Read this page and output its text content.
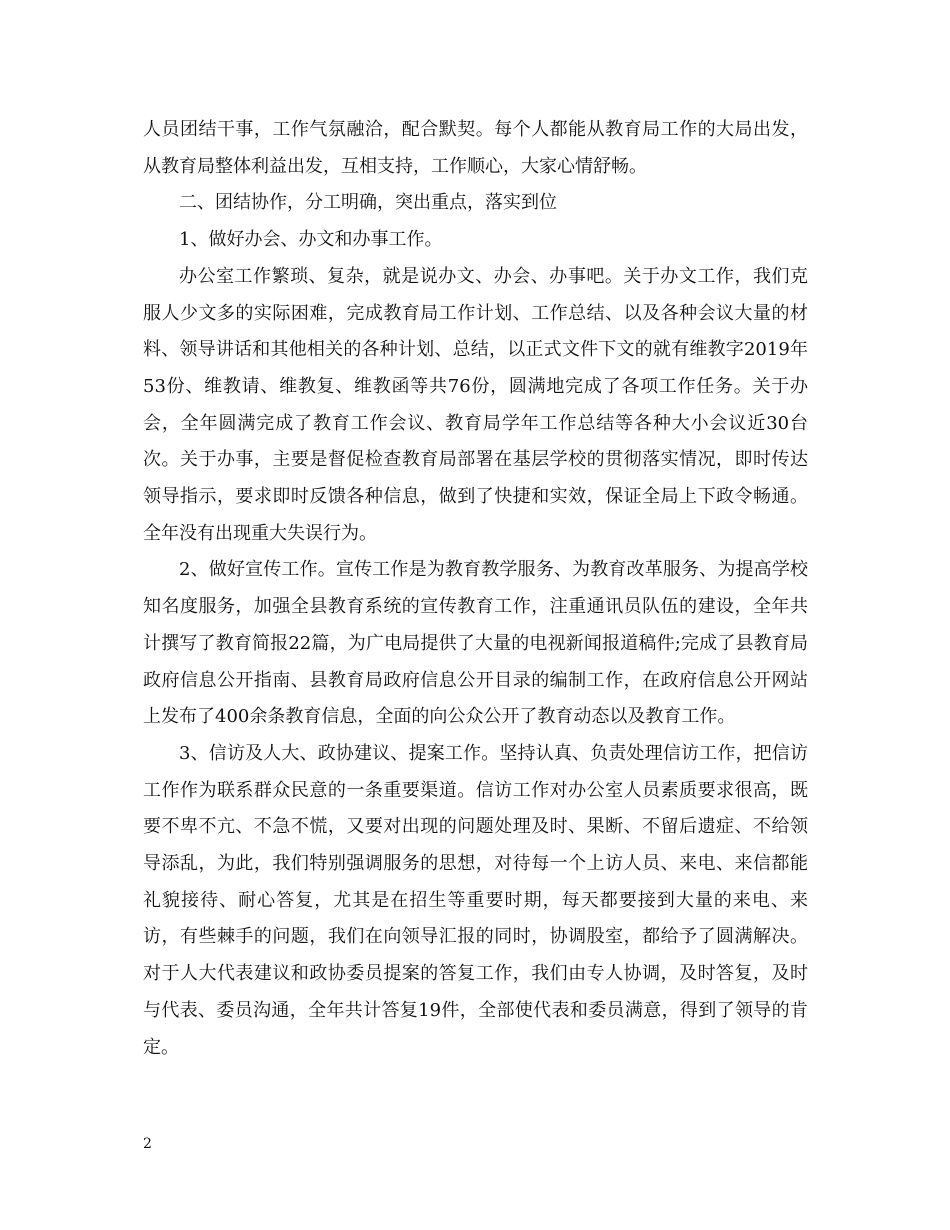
人员团结干事，工作气氛融洽，配合默契。每个人都能从教育局工作的大局出发，从教育局整体利益出发，互相支持，工作顺心，大家心情舒畅。

二、团结协作，分工明确，突出重点，落实到位

1、做好办会、办文和办事工作。

办公室工作繁琐、复杂，就是说办文、办会、办事吧。关于办文工作，我们克服人少文多的实际困难，完成教育局工作计划、工作总结、以及各种会议大量的材料、领导讲话和其他相关的各种计划、总结，以正式文件下文的就有维教字2019年53份、维教请、维教复、维教函等共76份，圆满地完成了各项工作任务。关于办会，全年圆满完成了教育工作会议、教育局学年工作总结等各种大小会议近30台次。关于办事，主要是督促检查教育局部署在基层学校的贯彻落实情况，即时传达领导指示，要求即时反馈各种信息，做到了快捷和实效，保证全局上下政令畅通。全年没有出现重大失误行为。

2、做好宣传工作。宣传工作是为教育教学服务、为教育改革服务、为提高学校知名度服务，加强全县教育系统的宣传教育工作，注重通讯员队伍的建设，全年共计撰写了教育简报22篇，为广电局提供了大量的电视新闻报道稿件;完成了县教育局政府信息公开指南、县教育局政府信息公开目录的编制工作，在政府信息公开网站上发布了400余条教育信息，全面的向公众公开了教育动态以及教育工作。

3、信访及人大、政协建议、提案工作。坚持认真、负责处理信访工作，把信访工作作为联系群众民意的一条重要渠道。信访工作对办公室人员素质要求很高，既要不卑不亢、不急不慌，又要对出现的问题处理及时、果断、不留后遗症、不给领导添乱，为此，我们特别强调服务的思想，对待每一个上访人员、来电、来信都能礼貌接待、耐心答复，尤其是在招生等重要时期，每天都要接到大量的来电、来访，有些棘手的问题，我们在向领导汇报的同时，协调股室，都给予了圆满解决。对于人大代表建议和政协委员提案的答复工作，我们由专人协调，及时答复，及时与代表、委员沟通，全年共计答复19件，全部使代表和委员满意，得到了领导的肯定。

2
